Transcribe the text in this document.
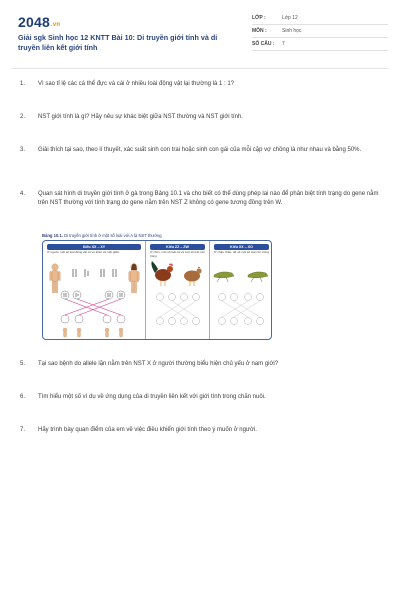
2048.vn
Giải sgk Sinh học 12 KNTT Bài 10: Di truyền giới tính và di truyền liên kết giới tính
LỚP :	Lớp 12
MÔN :	Sinh học
SỐ CÂU :	7
1.	Vì sao tỉ lệ các cá thể đực và cái ở nhiều loài động vật lại thường là 1 : 1?
2.	NST giới tính là gì? Hãy nêu sự khác biệt giữa NST thường và NST giới tính.
3.	Giải thích tại sao, theo lí thuyết, xác suất sinh con trai hoặc sinh con gái của mỗi cặp vợ chồng là như nhau và bằng 50%.
4.	Quan sát hình di truyền giới tính ở gà trong Bảng 10.1 và cho biết có thể dùng phép lai nào để phân biệt tính trạng do gene nằm trên NST thường với tính trạng do gene nằm trên NST Z không có gene tương đồng trên W.
Bảng 10.1. Di truyền giới tính ở một số loài với A là NST thường
Kiểu XX – XY
Ở người, một số loài động vật có vú khác và ruồi giấm
Kiểu ZZ – ZW
Ở chim, một số loài cá và một số loài côn trùng
Kiểu XX – XO
Ở châu chấu, dế và một số loài côn trùng
5.	Tại sao bệnh do allele lặn nằm trên NST X ở người thường biểu hiện chủ yếu ở nam giới?
6.	Tìm hiểu một số ví dụ về ứng dụng của di truyền liên kết với giới tính trong chăn nuôi.
7.	Hãy trình bày quan điểm của em về việc điều khiển giới tính theo ý muốn ở người.
